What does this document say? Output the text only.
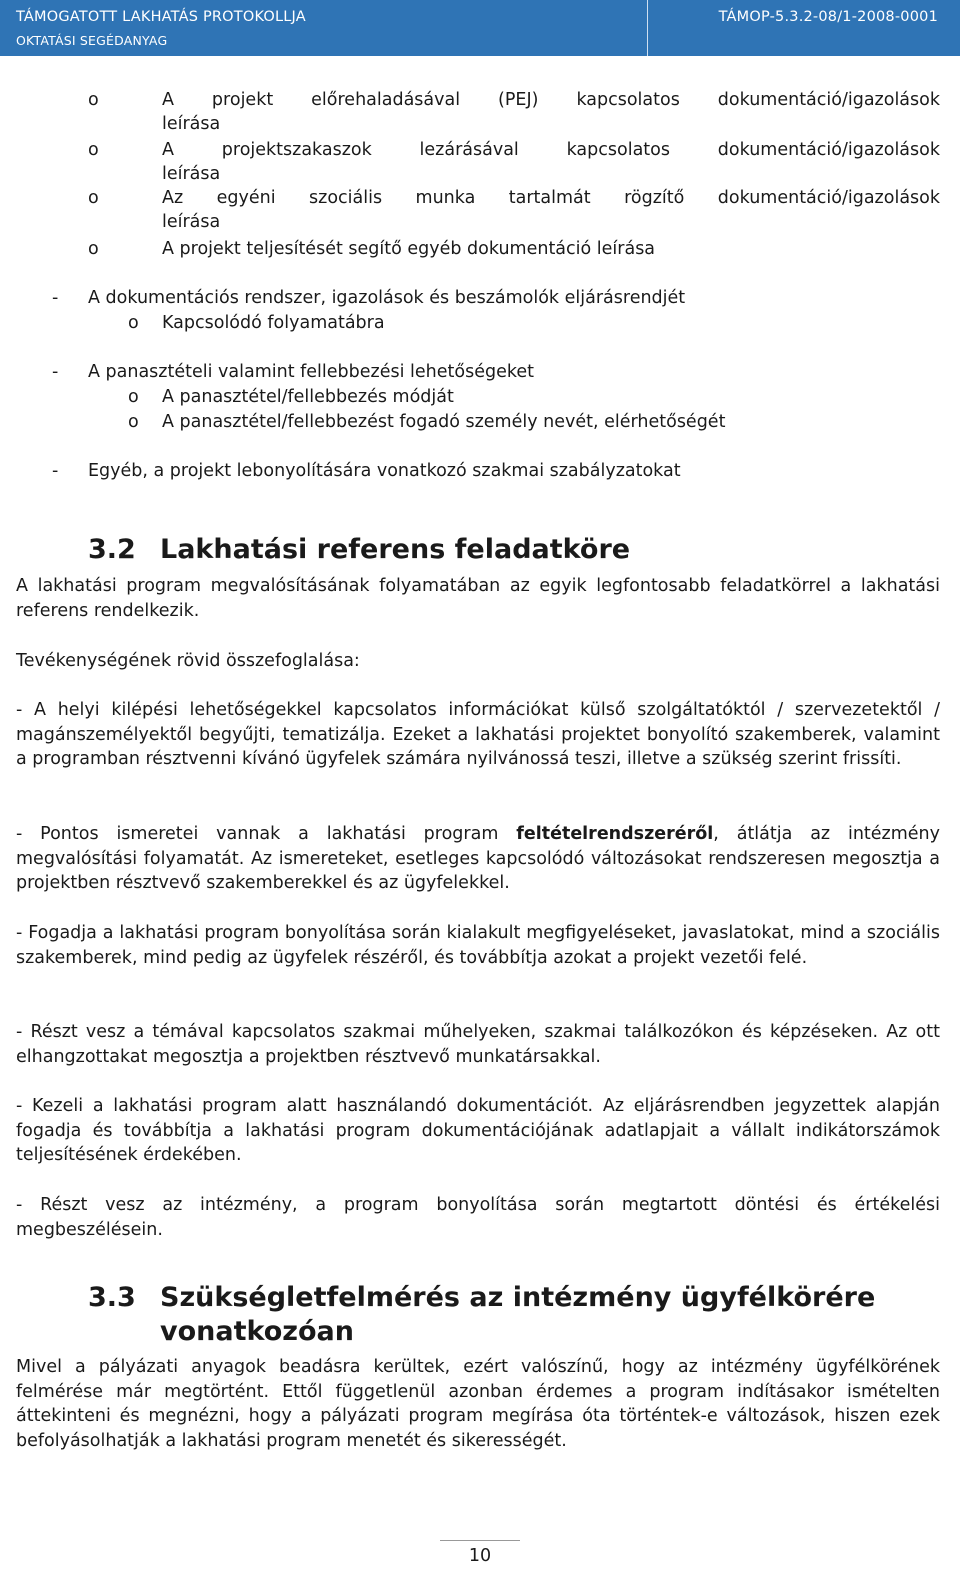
TÁMOGATOTT LAKHATÁS PROTOKOLLJA
OKTATÁSI SEGÉDANYAG
TÁMOP-5.3.2-08/1-2008-0001
o	A projekt előrehaladásával (PEJ) kapcsolatos dokumentáció/igazolások
leírása
o	A projektszakaszok lezárásával kapcsolatos dokumentáció/igazolások
leírása
o	Az egyéni szociális munka tartalmát rögzítő dokumentáció/igazolások
leírása
o	A projekt teljesítését segítő egyéb dokumentáció leírása
- A dokumentációs rendszer, igazolások és beszámolók eljárásrendjét
o Kapcsolódó folyamatábra
- A panasztételi valamint fellebbezési lehetőségeket
o A panasztétel/fellebbezés módját
o A panasztétel/fellebbezést fogadó személy nevét, elérhetőségét
- Egyéb, a projekt lebonyolítására vonatkozó szakmai szabályzatokat
3.2 Lakhatási referens feladatköre
A lakhatási program megvalósításának folyamatában az egyik legfontosabb feladatkörrel a lakhatási referens rendelkezik.
Tevékenységének rövid összefoglalása:
- A helyi kilépési lehetőségekkel kapcsolatos információkat külső szolgáltatóktól / szervezetektől / magánszemélyektől begyűjti, tematizálja. Ezeket a lakhatási projektet bonyolító szakemberek, valamint a programban résztvenni kívánó ügyfelek számára nyilvánossá teszi, illetve a szükség szerint frissíti.
- Pontos ismeretei vannak a lakhatási program feltételrendszeréről, átlátja az intézmény megvalósítási folyamatát. Az ismereteket, esetleges kapcsolódó változásokat rendszeresen megosztja a projektben résztvevő szakemberekkel és az ügyfelekkel.
- Fogadja a lakhatási program bonyolítása során kialakult megfigyeléseket, javaslatokat, mind a szociális szakemberek, mind pedig az ügyfelek részéről, és továbbítja azokat a projekt vezetői felé.
- Részt vesz a témával kapcsolatos szakmai műhelyeken, szakmai találkozókon és képzéseken. Az ott elhangzottakat megosztja a projektben résztvevő munkatársakkal.
- Kezeli a lakhatási program alatt használandó dokumentációt. Az eljárásrendben jegyzettek alapján fogadja és továbbítja a lakhatási program dokumentációjának adatlapjait a vállalt indikátorszámok teljesítésének érdekében.
- Részt vesz az intézmény, a program bonyolítása során megtartott döntési és értékelési megbeszélésein.
3.3 Szükségletfelmérés az intézmény ügyfélkörére
vonatkozóan
Mivel a pályázati anyagok beadásra kerültek, ezért valószínű, hogy az intézmény ügyfélkörének felmérése már megtörtént. Ettől függetlenül azonban érdemes a program indításakor ismételten áttekinteni és megnézni, hogy a pályázati program megírása óta történtek-e változások, hiszen ezek befolyásolhatják a lakhatási program menetét és sikerességét.
10
